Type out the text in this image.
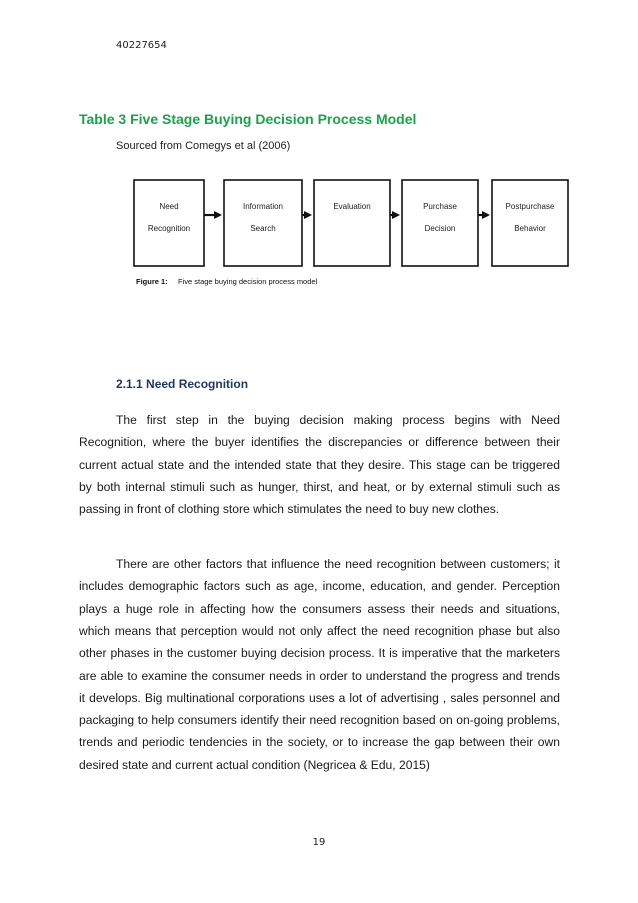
40227654
Table 3 Five Stage Buying Decision Process Model
Sourced from Comegys et al (2006)
Need
Recognition
Information
Search
Evaluation	Purchase
Decision
Postpurchase
Behavior
Figure 1: Five stage buying decision process model
2.1.1 Need Recognition

The first step in the buying decision making process begins with Need Recognition, where the buyer identifies the discrepancies or difference between their current actual state and the intended state that they desire. This stage can be triggered by both internal stimuli such as hunger, thirst, and heat, or by external stimuli such as passing in front of clothing store which stimulates the need to buy new clothes.

There are other factors that influence the need recognition between customers; it includes demographic factors such as age, income, education, and gender. Perception plays a huge role in affecting how the consumers assess their needs and situations, which means that perception would not only affect the need recognition phase but also other phases in the customer buying decision process. It is imperative that the marketers are able to examine the consumer needs in order to understand the progress and trends it develops. Big multinational corporations uses a lot of advertising , sales personnel and packaging to help consumers identify their need recognition based on on-going problems, trends and periodic tendencies in the society, or to increase the gap between their own desired state and current actual condition (Negricea & Edu, 2015)

19
